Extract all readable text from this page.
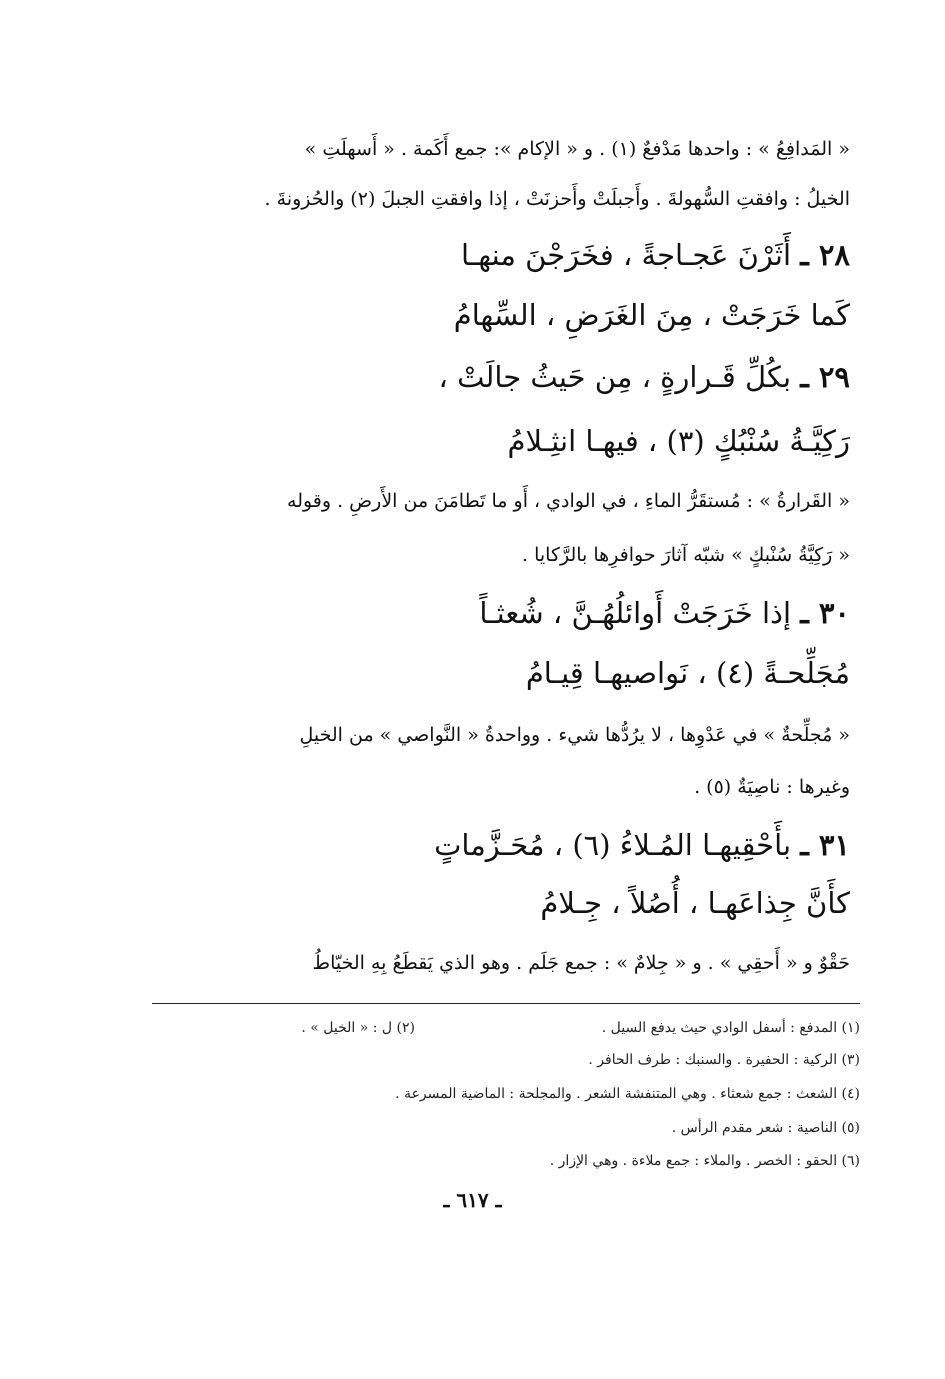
« المَدافِعُ » : واحدها مَدْفعٌ (١) . و « الإكام »: جمع أَكَمة . « أَسهلَتِ »
الخيلُ : وافقتِ السُّهولةَ . وأَجبلَتْ وأَحزنَتْ ، إذا وافقتِ الجبلَ (٢) والحُزونةَ .
٢٨ ـ أَثَرْنَ عَجـاجةً ، فخَرَجْنَ منهـا
كَما خَرَجَتْ ، مِنَ الغَرَضِ ، السِّهامُ
٢٩ ـ بكُلِّ قَـرارةٍ ، مِن حَيثُ جالَتْ ،
رَكِيَّـةُ سُنْبُكٍ (٣) ، فيهـا انثِـلامُ
« القَرارةُ » : مُستقَرُّ الماءِ ، في الوادي ، أَو ما تَطامَنَ من الأَرضِ . وقوله
« رَكِيَّةُ سُنْبكٍ » شبّه آثارَ حوافرِها بالرَّكايا .
٣٠ ـ إذا خَرَجَتْ أَوائلُهُـنَّ ، شُعثـاً
مُجَلِّحـةً (٤) ، نَواصيهـا قِيـامُ
« مُجلِّحةٌ » في عَدْوِها ، لا يرُدُّها شيء . وواحدةُ « النَّواصي » من الخيلِ
وغيرها : ناصِيَةٌ (٥) .
٣١ ـ بأَحْقِيهـا المُـلاءُ (٦) ، مُحَـزَّماتٍ
كأَنَّ جِذاعَهـا ، أُصُلاً ، جِـلامُ
حَقْوٌ و « أَحقِي » . و « جِلامٌ » : جمع جَلَم . وهو الذي يَقطَعُ بِهِ الخيّاطُ
(١) المدفع : أسفل الوادي حيث يدفع السيل .
(٢) ل : « الخيل » .
(٣) الركية : الحفيرة . والسنبك : طرف الحافر .
(٤) الشعث : جمع شعثاء . وهي المتنفشة الشعر . والمجلحة : الماضية المسرعة .
(٥) الناصية : شعر مقدم الرأس .
(٦) الحقو : الخصر . والملاء : جمع ملاءة . وهي الإزار .
ـ ٦١٧ ـ
